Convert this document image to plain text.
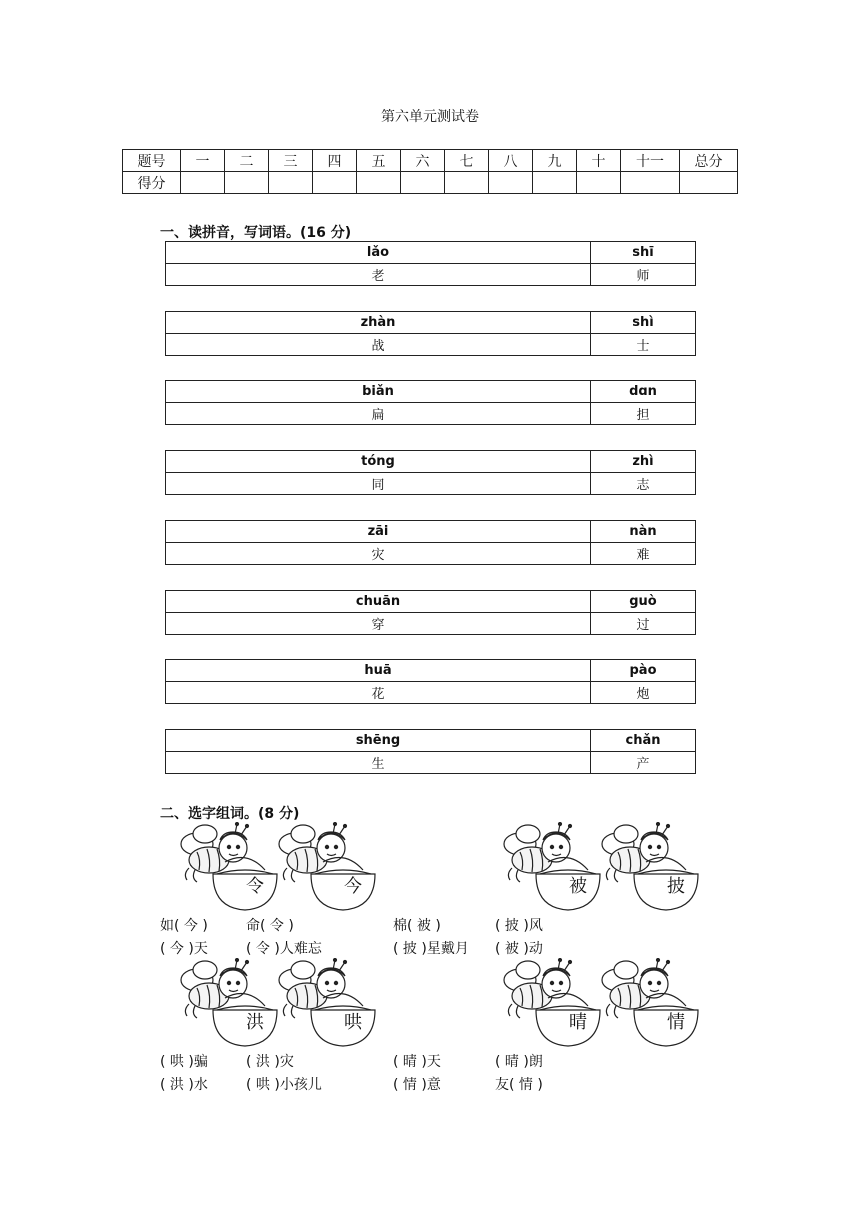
第六单元测试卷
题号	一	二	三	四	五	六	七	八	九	十	十一	总分
得分												
一、读拼音，写词语。(16 分)
lǎo	shī
老	师
zhàn	shì
战	士
biǎn	dɑn
扁	担
tóng	zhì
同	志
zāi	nàn
灾	难
chuān	guò
穿	过
huā	pào
花	炮
shēng	chǎn
生	产
二、选字组词。(8 分)
令	今	被	披
洪	哄	晴	情
如( 今 )	命( 令 )	棉( 被 )	( 披 )风
( 今 )天	( 令 )人难忘	( 披 )星戴月 ( 被 )动
( 哄 )骗	( 洪 )灾	( 晴 )天	( 晴 )朗
( 洪 )水	( 哄 )小孩儿	( 情 )意	友( 情 )
